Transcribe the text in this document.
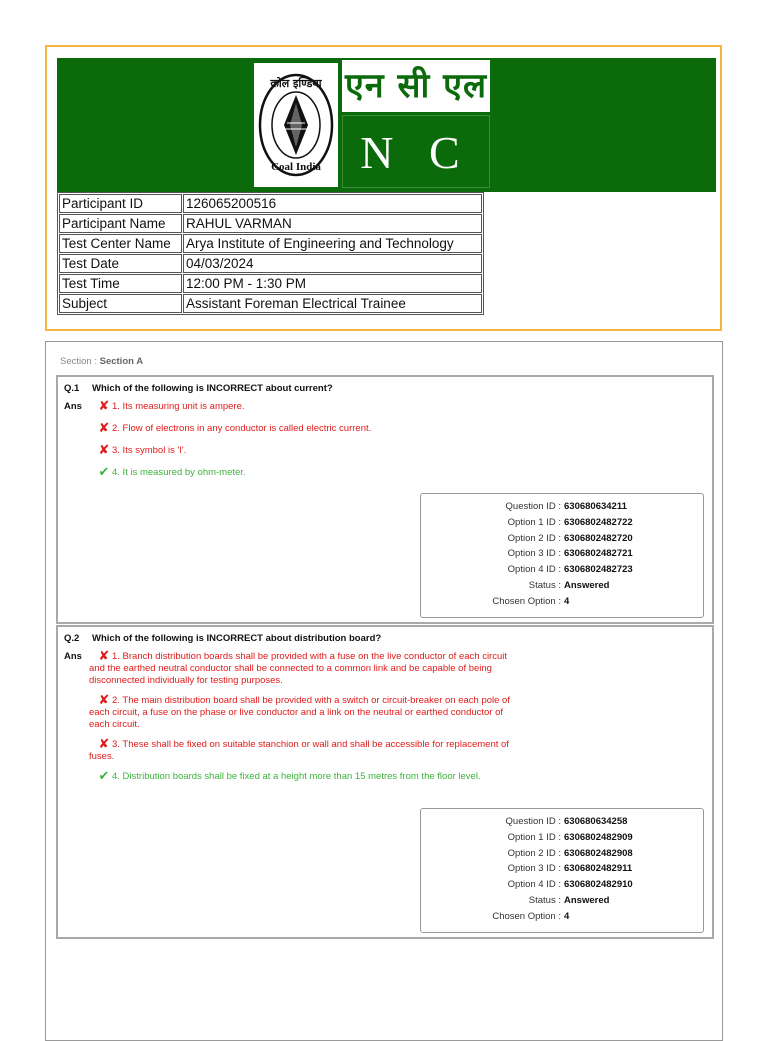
कोल इण्डिया
Coal India
एन सी एल
N C L
Participant ID	126065200516
Participant Name	RAHUL VARMAN
Test Center Name	Arya Institute of Engineering and Technology
Test Date	04/03/2024
Test Time	12:00 PM - 1:30 PM
Subject	Assistant Foreman Electrical Trainee
Section : Section A
Q.1 Which of the following is INCORRECT about current?
Ans ✘ 1. Its measuring unit is ampere.
✘ 2. Flow of electrons in any conductor is called electric current.
✘ 3. Its symbol is 'I'.
✔ 4. It is measured by ohm-meter.
Question ID : 630680634211
Option 1 ID : 6306802482722
Option 2 ID : 6306802482720
Option 3 ID : 6306802482721
Option 4 ID : 6306802482723
Status : Answered
Chosen Option : 4
Q.2 Which of the following is INCORRECT about distribution board?
Ans	✘ 1. Branch distribution boards shall be provided with a fuse on the live conductor of each circuit and the earthed neutral conductor shall be connected to a common link and be capable of being disconnected individually for testing purposes.
✘ 2. The main distribution board shall be provided with a switch or circuit-breaker on each pole of each circuit, a fuse on the phase or live conductor and a link on the neutral or earthed conductor of each circuit.
✘ 3. These shall be fixed on suitable stanchion or wall and shall be accessible for replacement of fuses.
✔ 4. Distribution boards shall be fixed at a height more than 15 metres from the floor level.
Question ID : 630680634258
Option 1 ID : 6306802482909
Option 2 ID : 6306802482908
Option 3 ID : 6306802482911
Option 4 ID : 6306802482910
Status : Answered
Chosen Option : 4
